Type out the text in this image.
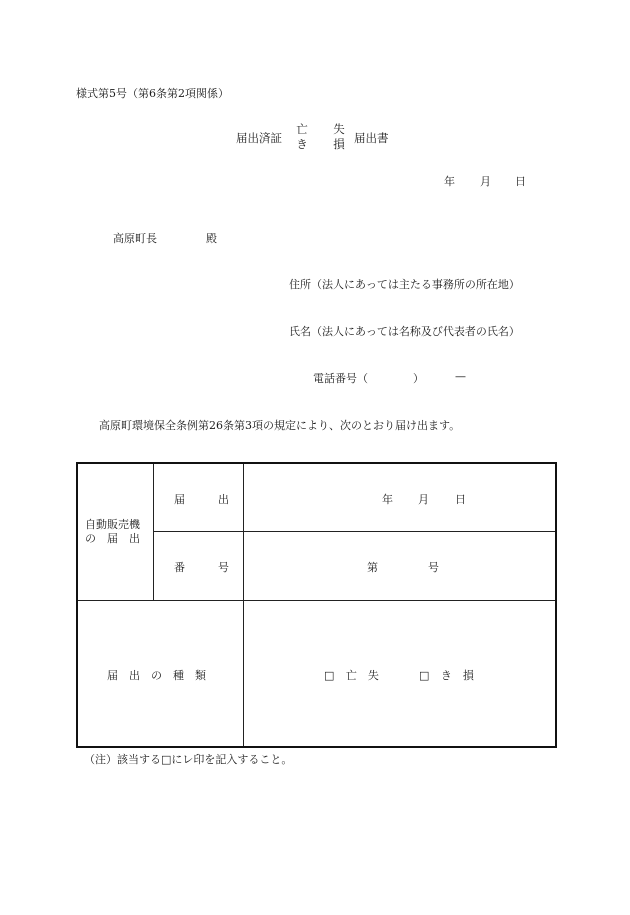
様式第5号（第6条第2項関係）
届出済証
亡
き
失
損 届出書
年 月 日
高原町長	殿
住所（法人にあっては主たる事務所の所在地）
氏名（法人にあっては名称及び代表者の氏名）
電話番号（	）	—
高原町環境保全条例第26条第3項の規定により、次のとおり届け出ます。
自動販売機
の　届　出
届　　　出	年 月 日
番　　　号	第	号
届　出　の　種　類	□ 亡　失	□ き　損
（注）該当する□にレ印を記入すること。
